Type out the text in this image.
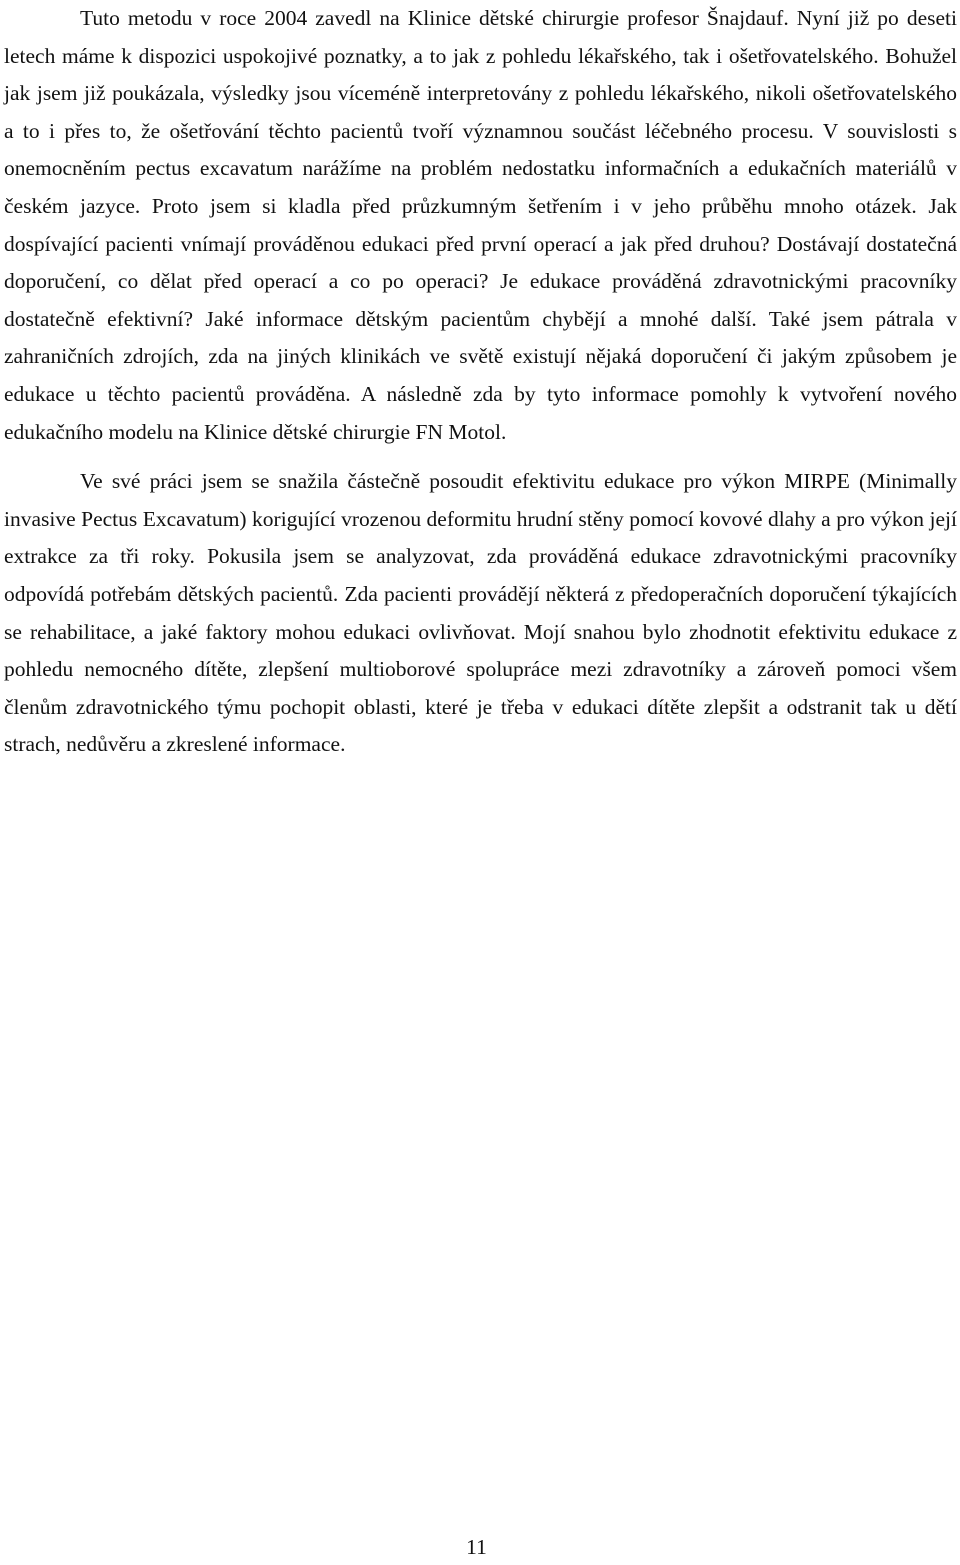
Tuto metodu v roce 2004 zavedl na Klinice dětské chirurgie profesor Šnajdauf. Nyní již po deseti letech máme k dispozici uspokojivé poznatky, a to jak z pohledu lékařského, tak i ošetřovatelského. Bohužel jak jsem již poukázala, výsledky jsou víceméně interpretovány z pohledu lékařského, nikoli ošetřovatelského a to i přes to, že ošetřování těchto pacientů tvoří významnou součást léčebného procesu. V souvislosti s onemocněním pectus excavatum narážíme na problém nedostatku informačních a edukačních materiálů v českém jazyce. Proto jsem si kladla před průzkumným šetřením i v jeho průběhu mnoho otázek. Jak dospívající pacienti vnímají prováděnou edukaci před první operací a jak před druhou? Dostávají dostatečná doporučení, co dělat před operací a co po operaci? Je edukace prováděná zdravotnickými pracovníky dostatečně efektivní? Jaké informace dětským pacientům chybějí a mnohé další. Také jsem pátrala v zahraničních zdrojích, zda na jiných klinikách ve světě existují nějaká doporučení či jakým způsobem je edukace u těchto pacientů prováděna. A následně zda by tyto informace pomohly k vytvoření nového edukačního modelu na Klinice dětské chirurgie FN Motol.

Ve své práci jsem se snažila částečně posoudit efektivitu edukace pro výkon MIRPE (Minimally invasive Pectus Excavatum) korigující vrozenou deformitu hrudní stěny pomocí kovové dlahy a pro výkon její extrakce za tři roky. Pokusila jsem se analyzovat, zda prováděná edukace zdravotnickými pracovníky odpovídá potřebám dětských pacientů. Zda pacienti provádějí některá z předoperačních doporučení týkajících se rehabilitace, a jaké faktory mohou edukaci ovlivňovat. Mojí snahou bylo zhodnotit efektivitu edukace z pohledu nemocného dítěte, zlepšení multioborové spolupráce mezi zdravotníky a zároveň pomoci všem členům zdravotnického týmu pochopit oblasti, které je třeba v edukaci dítěte zlepšit a odstranit tak u dětí strach, nedůvěru a zkreslené informace.

11
